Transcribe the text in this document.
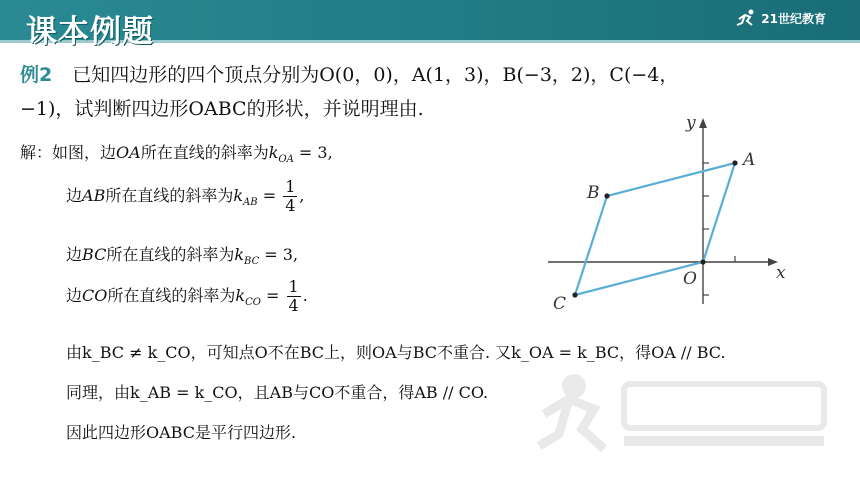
课本例题	21世纪教育
例2 已知四边形的四个顶点分别为O(0，0)，A(1，3)，B(−3，2)，C(−4，
−1)，试判断四边形OABC的形状，并说明理由.
解：如图，边OA所在直线的斜率为$k_{OA} = 3$,
边AB所在直线的斜率为$k_{AB} = \frac{1}{4}$ ,
边BC所在直线的斜率为$k_{BC} = 3$,
边CO所在直线的斜率为$k_{CO} = \frac{1}{4}$ .
由k_BC ≠ k_CO，可知点O不在BC上，则OA与BC不重合. 又k_OA = k_BC，得OA // BC.
同理，由k_AB = k_CO，且AB与CO不重合，得AB // CO.
因此四边形OABC是平行四边形.
x
y
O
A
B
C
